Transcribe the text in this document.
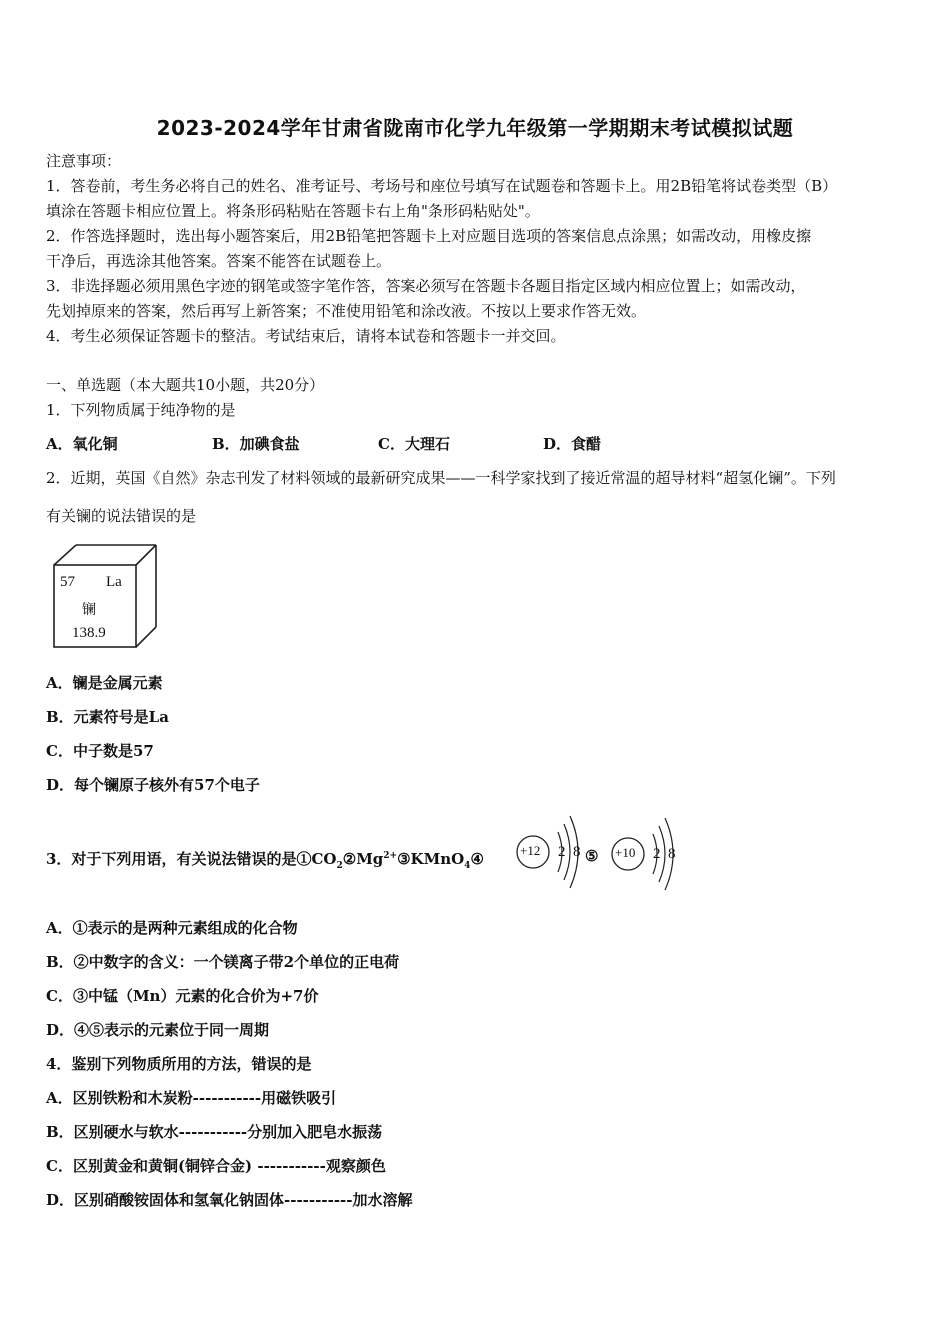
2023-2024学年甘肃省陇南市化学九年级第一学期期末考试模拟试题
注意事项：
1．答卷前，考生务必将自己的姓名、准考证号、考场号和座位号填写在试题卷和答题卡上。用2B铅笔将试卷类型（B）
填涂在答题卡相应位置上。将条形码粘贴在答题卡右上角"条形码粘贴处"。
2．作答选择题时，选出每小题答案后，用2B铅笔把答题卡上对应题目选项的答案信息点涂黑；如需改动，用橡皮擦
干净后，再选涂其他答案。答案不能答在试题卷上。
3．非选择题必须用黑色字迹的钢笔或签字笔作答，答案必须写在答题卡各题目指定区域内相应位置上；如需改动，
先划掉原来的答案，然后再写上新答案；不准使用铅笔和涂改液。不按以上要求作答无效。
4．考生必须保证答题卡的整洁。考试结束后，请将本试卷和答题卡一并交回。
一、单选题（本大题共10小题，共20分）
1．下列物质属于纯净物的是
A．氧化铜	B．加碘食盐	C．大理石	D．食醋
2．近期，英国《自然》杂志刊发了材料领域的最新研究成果——一科学家找到了接近常温的超导材料“超氢化镧”。下列
有关镧的说法错误的是
57 La
镧
138.9
A．镧是金属元素
B．元素符号是La
C．中子数是57
D．每个镧原子核外有57个电子
3．对于下列用语，有关说法错误的是$①CO_2②Mg^{2+}③KMnO_4④$	+12 2 8 ⑤ +10 2 8
A．①表示的是两种元素组成的化合物
B．②中数字的含义：一个镁离子带2个单位的正电荷
C．③中锰（Mn）元素的化合价为+7价
D．④⑤表示的元素位于同一周期
4．鉴别下列物质所用的方法，错误的是
A．区别铁粉和木炭粉-----------用磁铁吸引
B．区别硬水与软水-----------分别加入肥皂水振荡
C．区别黄金和黄铜(铜锌合金) -----------观察颜色
D．区别硝酸铵固体和氢氧化钠固体-----------加水溶解
